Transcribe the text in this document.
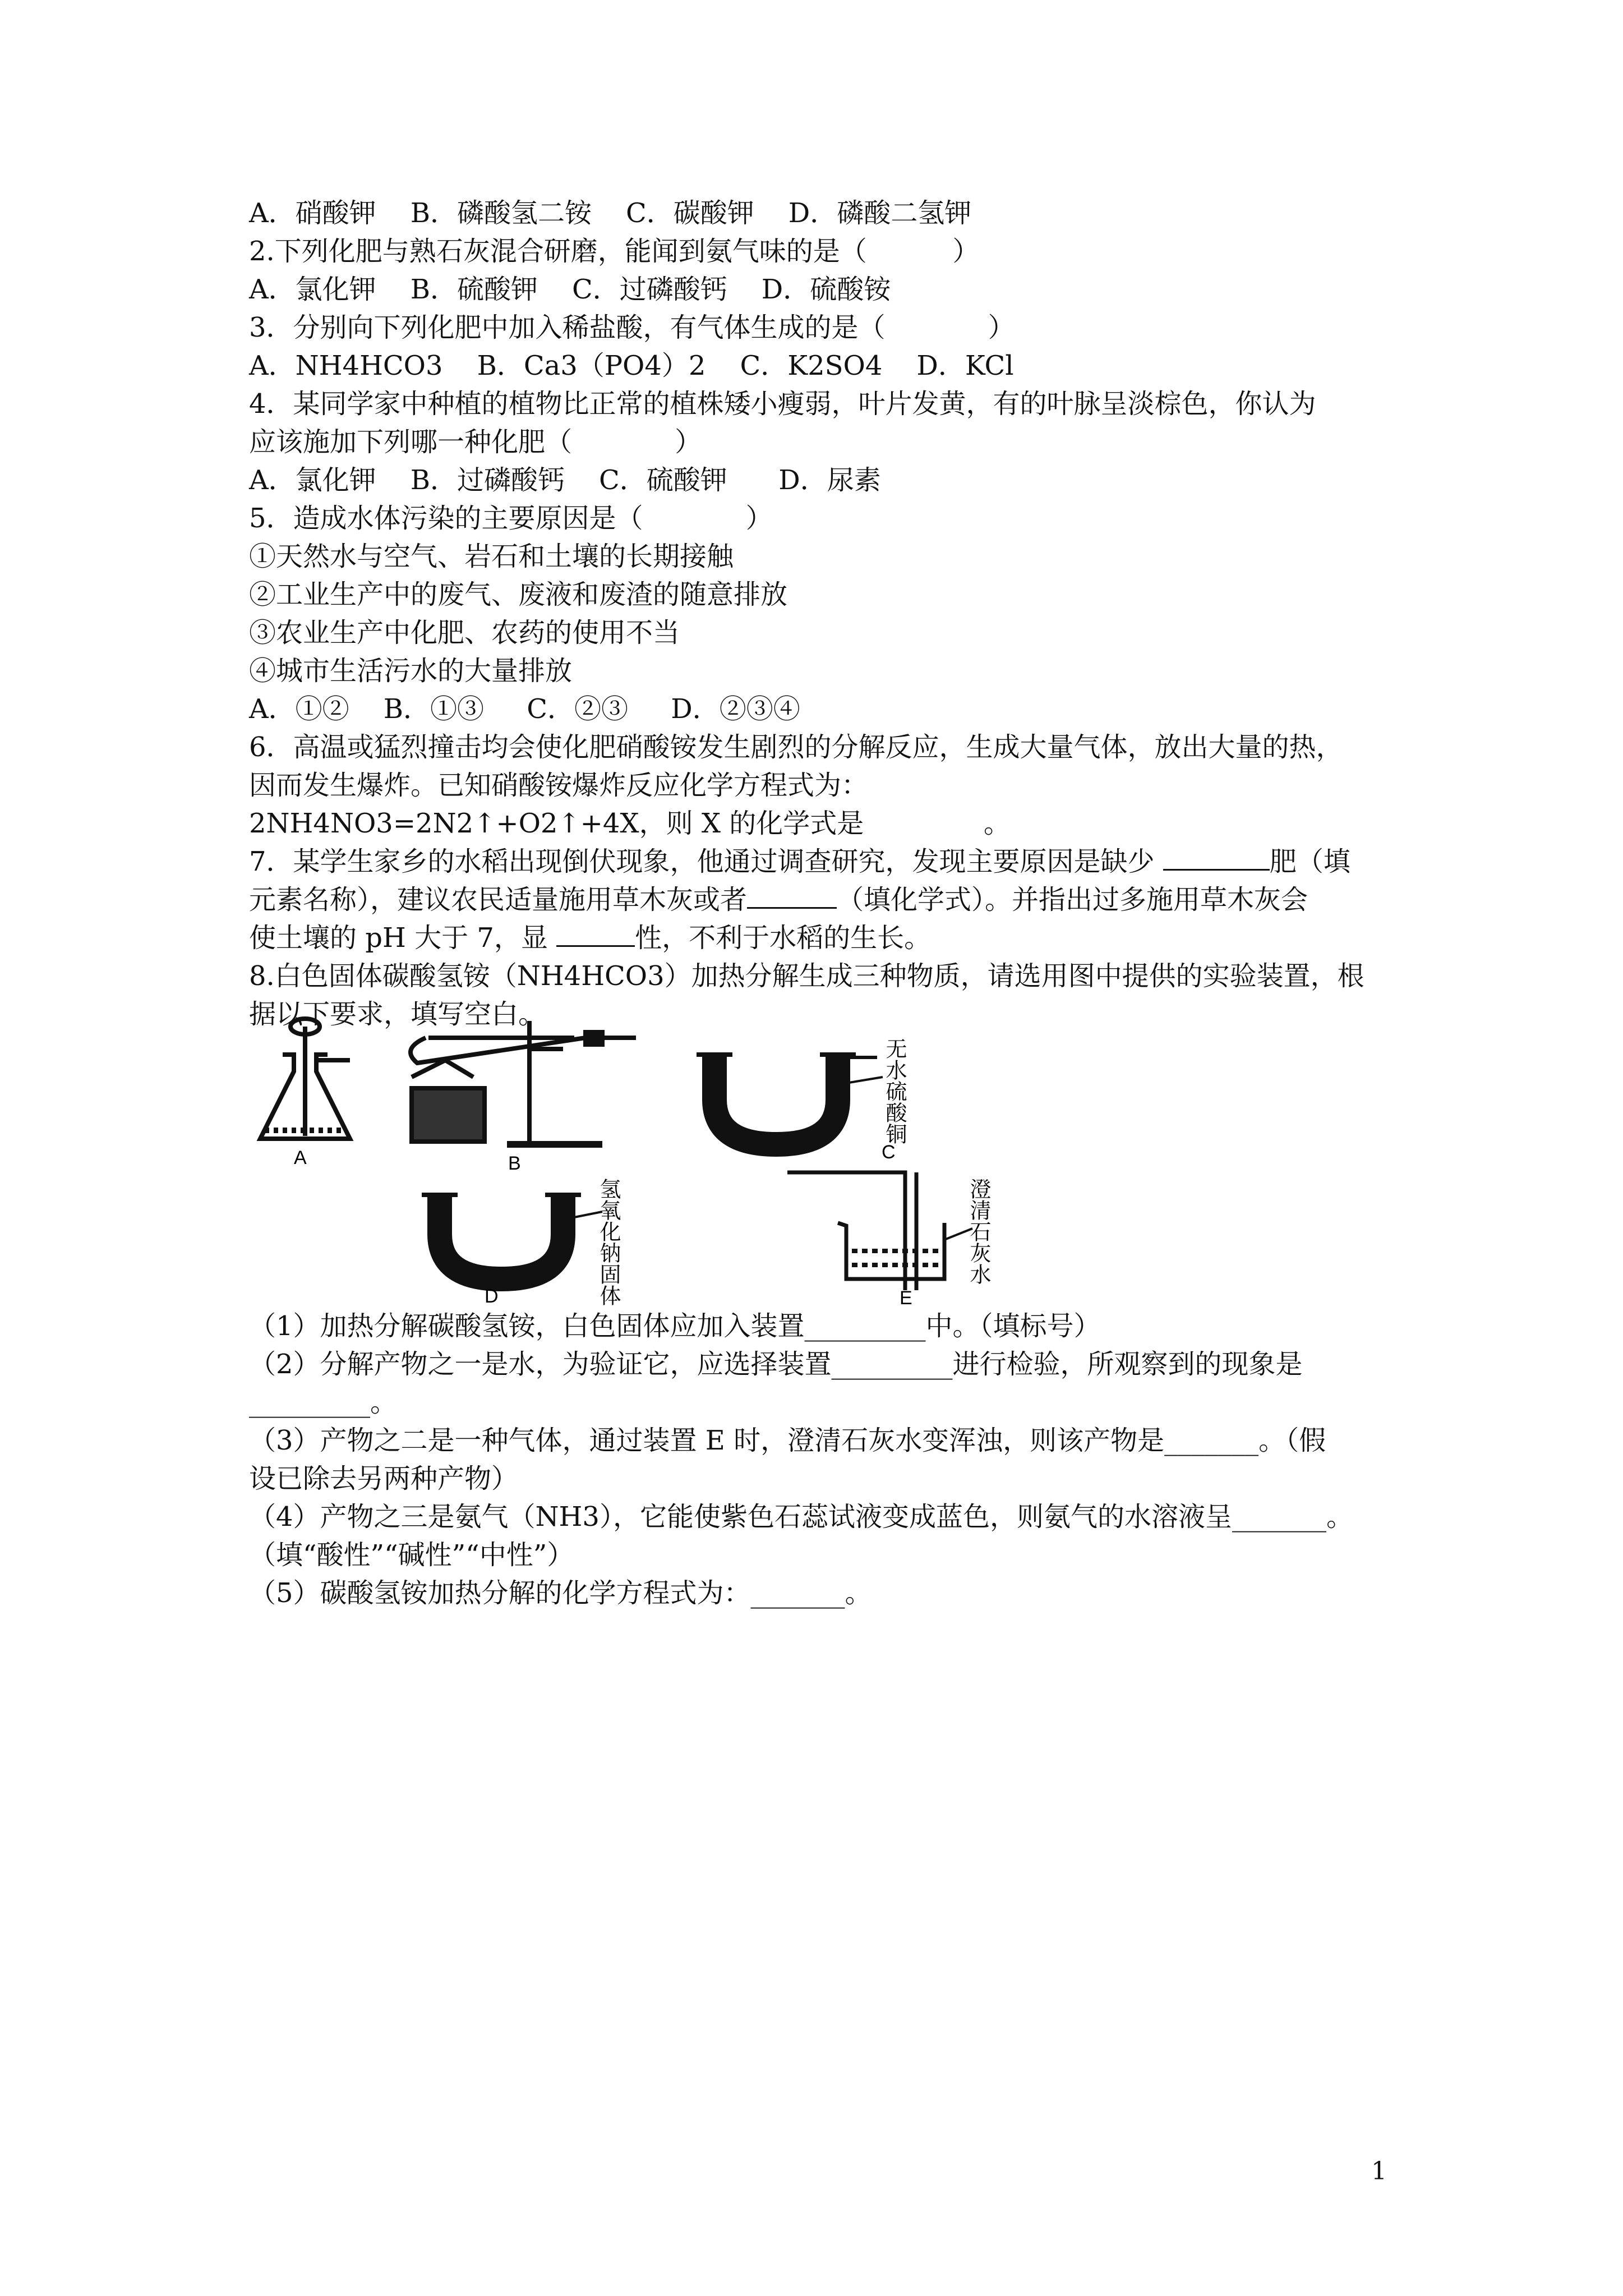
A．硝酸钾    B．磷酸氢二铵    C．碳酸钾    D．磷酸二氢钾

2.下列化肥与熟石灰混合研磨，能闻到氨气味的是（          ）

A．氯化钾    B．硫酸钾    C．过磷酸钙    D．硫酸铵

3．分别向下列化肥中加入稀盐酸，有气体生成的是（            ）

A．NH4HCO3    B．Ca3（PO4）2    C．K2SO4    D．KCl

4．某同学家中种植的植物比正常的植株矮小瘦弱，叶片发黄，有的叶脉呈淡棕色，你认为

应该施加下列哪一种化肥（            ）

A．氯化钾    B．过磷酸钙    C．硫酸钾      D．尿素

5．造成水体污染的主要原因是（            ）

①天然水与空气、岩石和土壤的长期接触

②工业生产中的废气、废液和废渣的随意排放

③农业生产中化肥、农药的使用不当

④城市生活污水的大量排放

A．①②    B．①③     C．②③     D．②③④

6．高温或猛烈撞击均会使化肥硝酸铵发生剧烈的分解反应，生成大量气体，放出大量的热，

因而发生爆炸。已知硝酸铵爆炸反应化学方程式为：

2NH4NO3=2N2↑+O2↑+4X，则 X 的化学式是              。

7．某学生家乡的水稻出现倒伏现象，他通过调查研究，发现主要原因是缺少	肥（填

元素名称），建议农民适量施用草木灰或者	（填化学式）。并指出过多施用草木灰会

使土壤的 pH 大于 7，显	性，不利于水稻的生长。

8.白色固体碳酸氢铵（NH4HCO3）加热分解生成三种物质，请选用图中提供的实验装置，根

据以下要求，填写空白。

A	B
C
无水硫酸铜
D	氢氧化钠固体	E
澄清石灰水

（1）加热分解碳酸氢铵，白色固体应加入装置_________中。（填标号）

（2）分解产物之一是水，为验证它，应选择装置_________进行检验，所观察到的现象是

_________。

（3）产物之二是一种气体，通过装置 E 时，澄清石灰水变浑浊，则该产物是_______。（假

设已除去另两种产物）

（4）产物之三是氨气（NH3），它能使紫色石蕊试液变成蓝色，则氨气的水溶液呈_______。

（填“酸性”“碱性”“中性”）

（5）碳酸氢铵加热分解的化学方程式为：_______。

1
